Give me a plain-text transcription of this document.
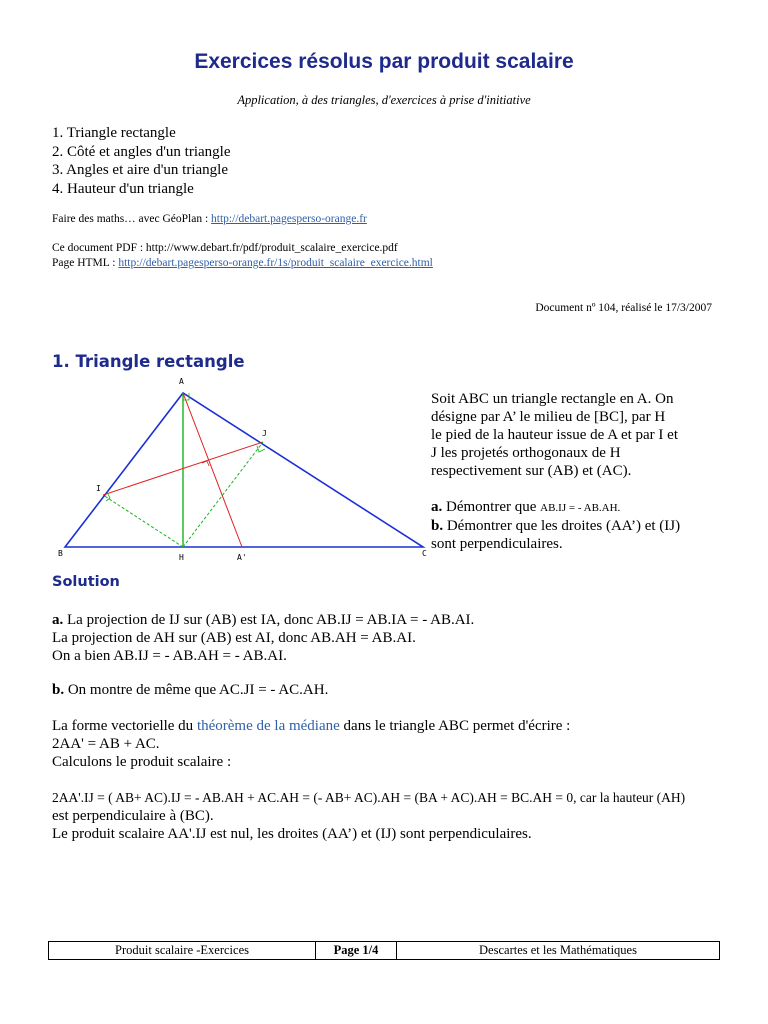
Exercices résolus par produit scalaire
Application, à des triangles, d'exercices à prise d'initiative
1. Triangle rectangle
2. Côté et angles d'un triangle
3. Angles et aire d'un triangle
4. Hauteur d'un triangle
Faire des maths… avec GéoPlan : http://debart.pagesperso-orange.fr
Ce document PDF : http://www.debart.fr/pdf/produit_scalaire_exercice.pdf
Page HTML : http://debart.pagesperso-orange.fr/1s/produit_scalaire_exercice.html
Document nº 104, réalisé le 17/3/2007
1. Triangle rectangle
A
B	C
H	A'
I
J
Soit ABC un triangle rectangle en A. On
désigne par A’ le milieu de [BC], par H
le pied de la hauteur issue de A et par I et
J les projetés orthogonaux de H
respectivement sur (AB) et (AC).
a. Démontrer que AB.IJ = - AB.AH.
b. Démontrer que les droites (AA’) et (IJ)
sont perpendiculaires.
Solution
a. La projection de IJ sur (AB) est IA, donc AB.IJ = AB.IA = - AB.AI.
La projection de AH sur (AB) est AI, donc AB.AH = AB.AI.
On a bien AB.IJ = - AB.AH = - AB.AI.
b. On montre de même que AC.JI = - AC.AH.
La forme vectorielle du théorème de la médiane dans le triangle ABC permet d'écrire :
2AA' = AB + AC.
Calculons le produit scalaire :
2AA'.IJ = ( AB+ AC).IJ = - AB.AH + AC.AH = (- AB+ AC).AH = (BA + AC).AH = BC.AH = 0, car la hauteur (AH)
est perpendiculaire à (BC).
Le produit scalaire AA'.IJ est nul, les droites (AA’) et (IJ) sont perpendiculaires.
Produit scalaire -Exercices	Page 1/4	Descartes et les Mathématiques
